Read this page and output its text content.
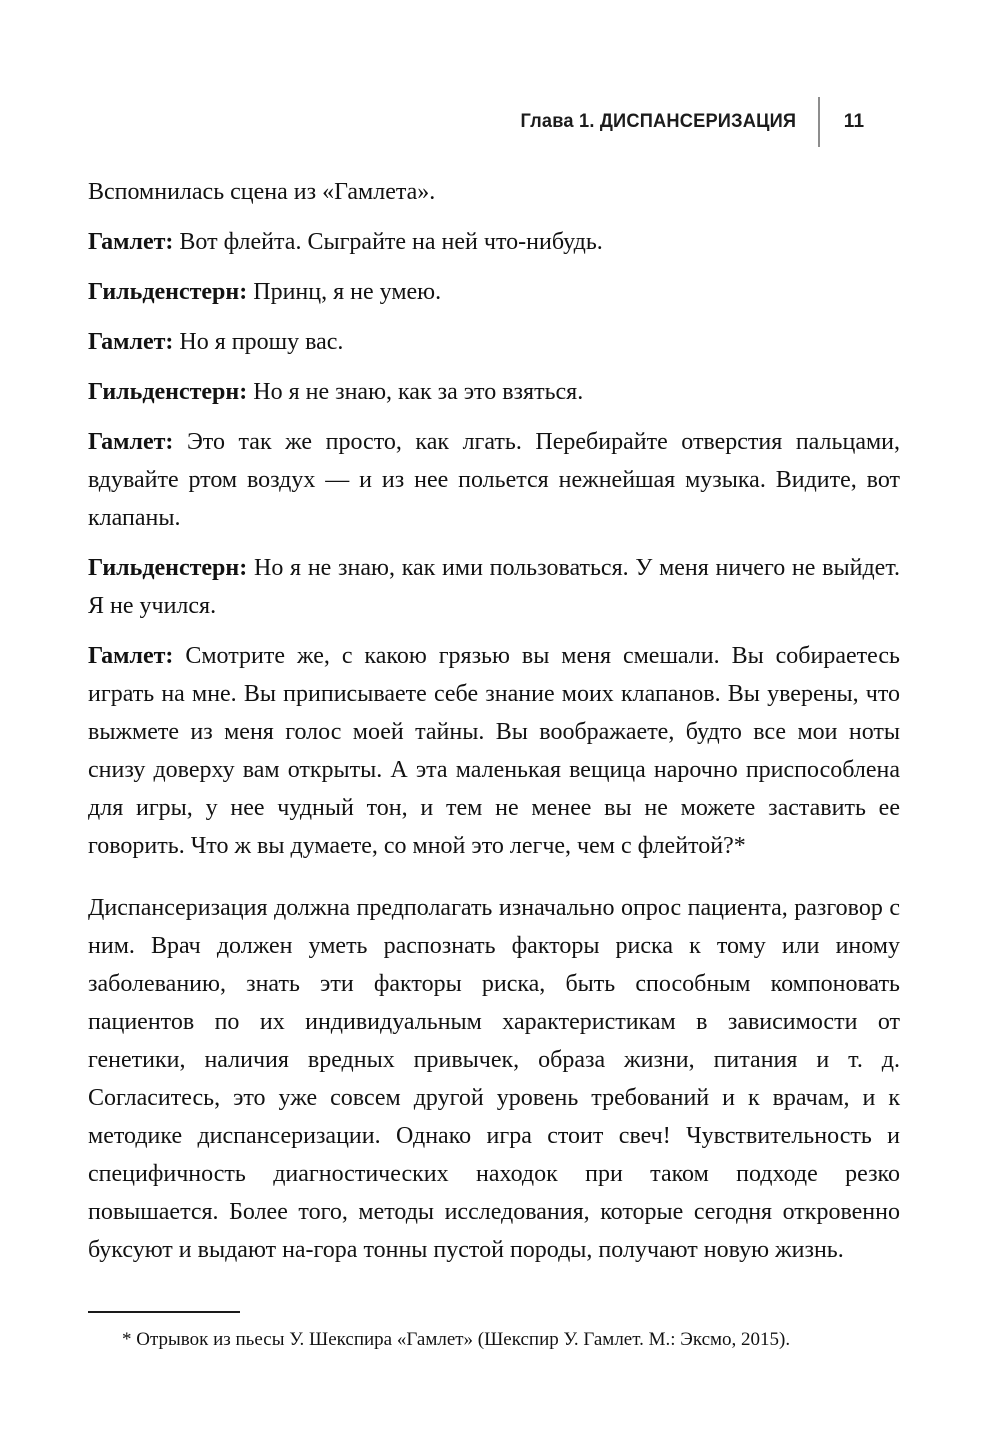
Глава 1. ДИСПАНСЕРИЗАЦИЯ	11

Вспомнилась сцена из «Гамлета».

Гамлет: Вот флейта. Сыграйте на ней что-нибудь.

Гильденстерн: Принц, я не умею.

Гамлет: Но я прошу вас.

Гильденстерн: Но я не знаю, как за это взяться.

Гамлет: Это так же просто, как лгать. Перебирайте отверстия пальцами, вдувайте ртом воздух — и из нее польется нежнейшая музыка. Видите, вот клапаны.

Гильденстерн: Но я не знаю, как ими пользоваться. У меня ничего не выйдет. Я не учился.

Гамлет: Смотрите же, с какою грязью вы меня смешали. Вы собираетесь играть на мне. Вы приписываете себе знание моих клапанов. Вы уверены, что выжмете из меня голос моей тайны. Вы воображаете, будто все мои ноты снизу доверху вам открыты. А эта маленькая вещица нарочно приспособлена для игры, у нее чудный тон, и тем не менее вы не можете заставить ее говорить. Что ж вы думаете, со мной это легче, чем с флейтой?*

Диспансеризация должна предполагать изначально опрос пациента, разговор с ним. Врач должен уметь распознать факторы риска к тому или иному заболеванию, знать эти факторы риска, быть способным компоновать пациентов по их индивидуальным характеристикам в зависимости от генетики, наличия вредных привычек, образа жизни, питания и т. д. Согласитесь, это уже совсем другой уровень требований и к врачам, и к методике диспансеризации. Однако игра стоит свеч! Чувствительность и специфичность диагностических находок при таком подходе резко повышается. Более того, методы исследования, которые сегодня откровенно буксуют и выдают на-гора тонны пустой породы, получают новую жизнь.

* Отрывок из пьесы У. Шекспира «Гамлет» (Шекспир У. Гамлет. М.: Эксмо, 2015).
